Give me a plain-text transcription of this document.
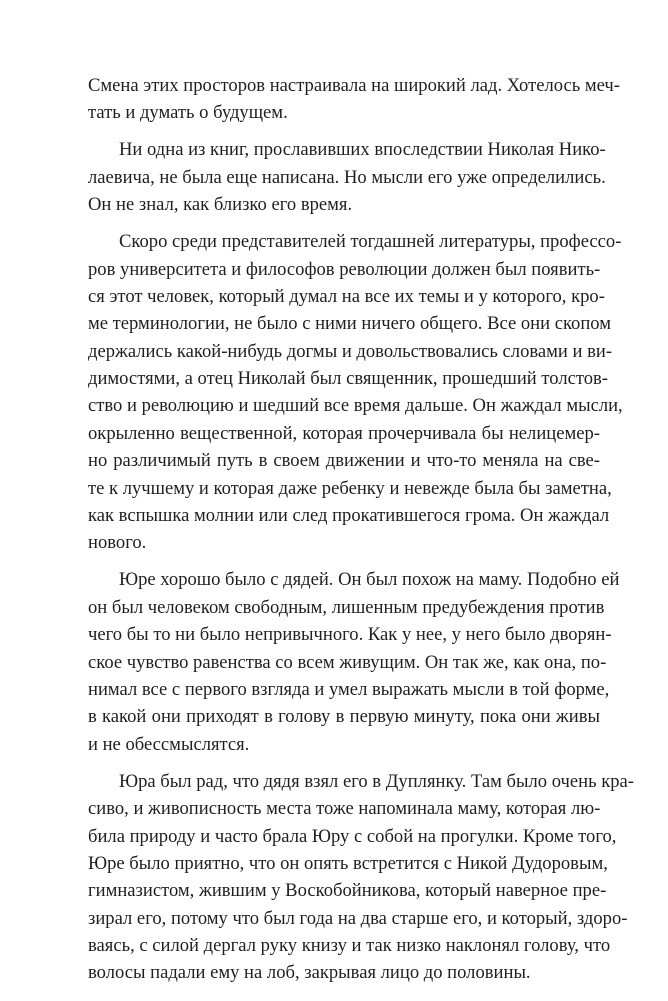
Смена этих просторов настраивала на широкий лад. Хотелось меч-
тать и думать о будущем.
Ни одна из книг, прославивших впоследствии Николая Нико-
лаевича, не была еще написана. Но мысли его уже определились.
Он не знал, как близко его время.
Скоро среди представителей тогдашней литературы, профессо-
ров университета и философов революции должен был появить-
ся этот человек, который думал на все их темы и у которого, кро-
ме терминологии, не было с ними ничего общего. Все они скопом
держались какой-нибудь догмы и довольствовались словами и ви-
димостями, а отец Николай был священник, прошедший толстов-
ство и революцию и шедший все время дальше. Он жаждал мысли,
окрыленно вещественной, которая прочерчивала бы нелицемер-
но различимый путь в своем движении и что-то меняла на све-
те к лучшему и которая даже ребенку и невежде была бы заметна,
как вспышка молнии или след прокатившегося грома. Он жаждал
нового.
Юре хорошо было с дядей. Он был похож на маму. Подобно ей
он был человеком свободным, лишенным предубеждения против
чего бы то ни было непривычного. Как у нее, у него было дворян-
ское чувство равенства со всем живущим. Он так же, как она, по-
нимал все с первого взгляда и умел выражать мысли в той форме,
в какой они приходят в голову в первую минуту, пока они живы
и не обессмыслятся.
Юра был рад, что дядя взял его в Дуплянку. Там было очень кра-
сиво, и живописность места тоже напоминала маму, которая лю-
била природу и часто брала Юру с собой на прогулки. Кроме того,
Юре было приятно, что он опять встретится с Никой Дудоровым,
гимназистом, жившим у Воскобойникова, который наверное пре-
зирал его, потому что был года на два старше его, и который, здоро-
ваясь, с силой дергал руку книзу и так низко наклонял голову, что
волосы падали ему на лоб, закрывая лицо до половины.
